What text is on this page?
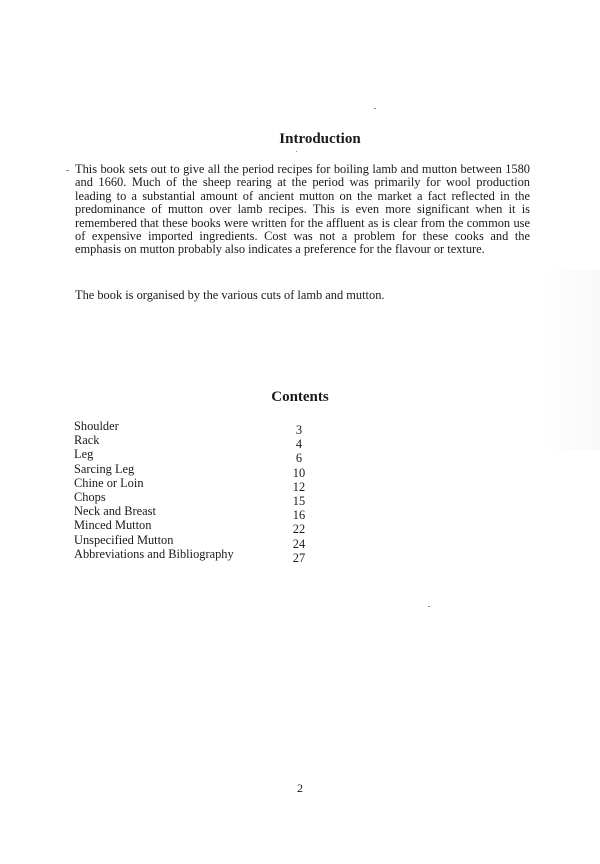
Introduction

This book sets out to give all the period recipes for boiling lamb and mutton between 1580 and 1660. Much of the sheep rearing at the period was primarily for wool production leading to a substantial amount of ancient mutton on the market a fact reflected in the predominance of mutton over lamb recipes. This is even more significant when it is remembered that these books were written for the affluent as is clear from the common use of expensive imported ingredients. Cost was not a problem for these cooks and the emphasis on mutton probably also indicates a preference for the flavour or texture.

The book is organised by the various cuts of lamb and mutton.

Contents
Shoulder	3
Rack	4
Leg	6
Sarcing Leg	10
Chine or Loin	12
Chops	15
Neck and Breast	16
Minced Mutton	22
Unspecified Mutton	24
Abbreviations and Bibliography	27
2
